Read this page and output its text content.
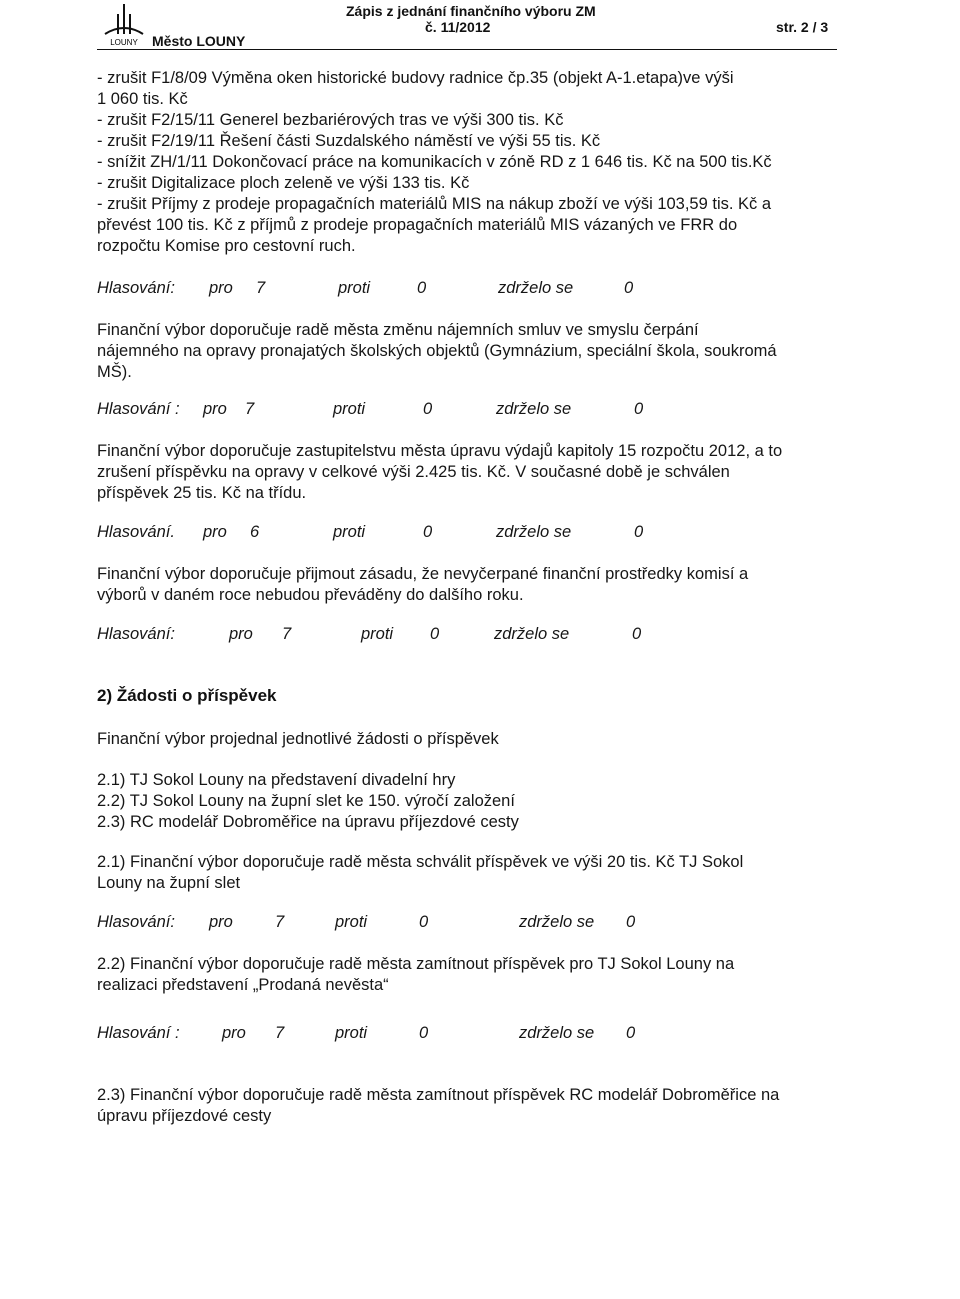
LOUNY Město LOUNY
Zápis z jednání finančního výboru ZM
č. 11/2012	str. 2 / 3
- zrušit F1/8/09 Výměna oken historické budovy radnice čp.35 (objekt A-1.etapa)ve výši
1 060 tis. Kč
- zrušit F2/15/11 Generel bezbariérových tras ve výši 300 tis. Kč
- zrušit F2/19/11 Řešení části Suzdalského náměstí ve výši 55 tis. Kč
- snížit ZH/1/11 Dokončovací práce na komunikacích v zóně RD z 1 646 tis. Kč na 500 tis.Kč
- zrušit Digitalizace ploch zeleně ve výši 133 tis. Kč
- zrušit Příjmy z prodeje propagačních materiálů MIS na nákup zboží ve výši 103,59 tis. Kč a
převést 100 tis. Kč z příjmů z prodeje propagačních materiálů MIS vázaných ve FRR do
rozpočtu Komise pro cestovní ruch.
Hlasování: pro 7	proti	0	zdrželo se	0
Finanční výbor doporučuje radě města změnu nájemních smluv ve smyslu čerpání
nájemného na opravy pronajatých školských objektů (Gymnázium, speciální škola, soukromá
MŠ).
Hlasování : pro 7	proti	0	zdrželo se	0
Finanční výbor doporučuje zastupitelstvu města úpravu výdajů kapitoly 15 rozpočtu 2012, a to
zrušení příspěvku na opravy v celkové výši 2.425 tis. Kč. V současné době je schválen
příspěvek 25 tis. Kč na třídu.
Hlasování. pro 6	proti	0	zdrželo se	0
Finanční výbor doporučuje přijmout zásadu, že nevyčerpané finanční prostředky komisí a
výborů v daném roce nebudou převáděny do dalšího roku.
Hlasování:	pro 7	proti 0	zdrželo se	0
2) Žádosti o příspěvek
Finanční výbor projednal jednotlivé žádosti o příspěvek
2.1) TJ Sokol Louny na představení divadelní hry
2.2) TJ Sokol Louny na župní slet ke 150. výročí založení
2.3) RC modelář Dobroměřice na úpravu příjezdové cesty
2.1) Finanční výbor doporučuje radě města schválit příspěvek ve výši 20 tis. Kč TJ Sokol
Louny na župní slet
Hlasování: pro	7	proti	0	zdrželo se 0
2.2) Finanční výbor doporučuje radě města zamítnout příspěvek pro TJ Sokol Louny na
realizaci představení „Prodaná nevěsta“
Hlasování :	pro 7	proti	0	zdrželo se 0
2.3) Finanční výbor doporučuje radě města zamítnout příspěvek RC modelář Dobroměřice na
úpravu příjezdové cesty
